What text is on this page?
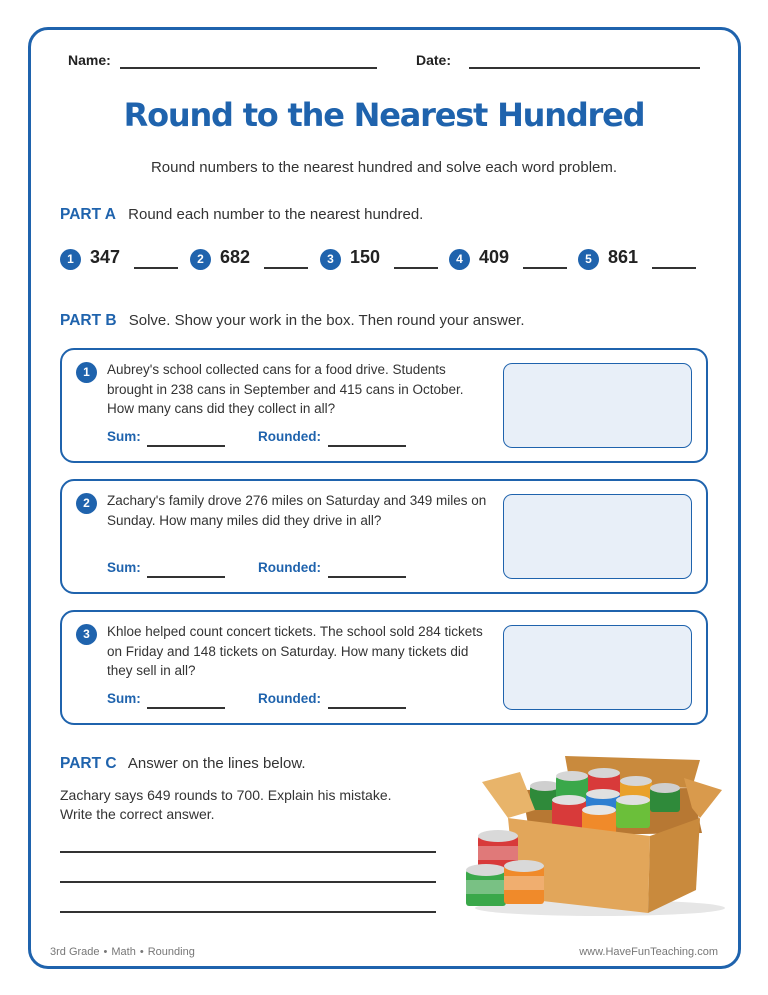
Name:	Date:
Round to the Nearest Hundred

Round numbers to the nearest hundred and solve each word problem.

PART A Round each number to the nearest hundred.
1 347	2 682	3 150	4 409	5 861
PART B Solve. Show your work in the box. Then round your answer.
1	Aubrey's school collected cans for a food drive. Students brought in 238 cans in September and 415 cans in October. How many cans did they collect in all?

Sum:	Rounded:
2	Zachary's family drove 276 miles on Saturday and 349 miles on Sunday. How many miles did they drive in all?

Sum:	Rounded:
3	Khloe helped count concert tickets. The school sold 284 tickets on Friday and 148 tickets on Saturday. How many tickets did they sell in all?

Sum:	Rounded:
PART C Answer on the lines below.
Zachary says 649 rounds to 700. Explain his mistake.
Write the correct answer.
3rd Grade • Math • Rounding	www.HaveFunTeaching.com
